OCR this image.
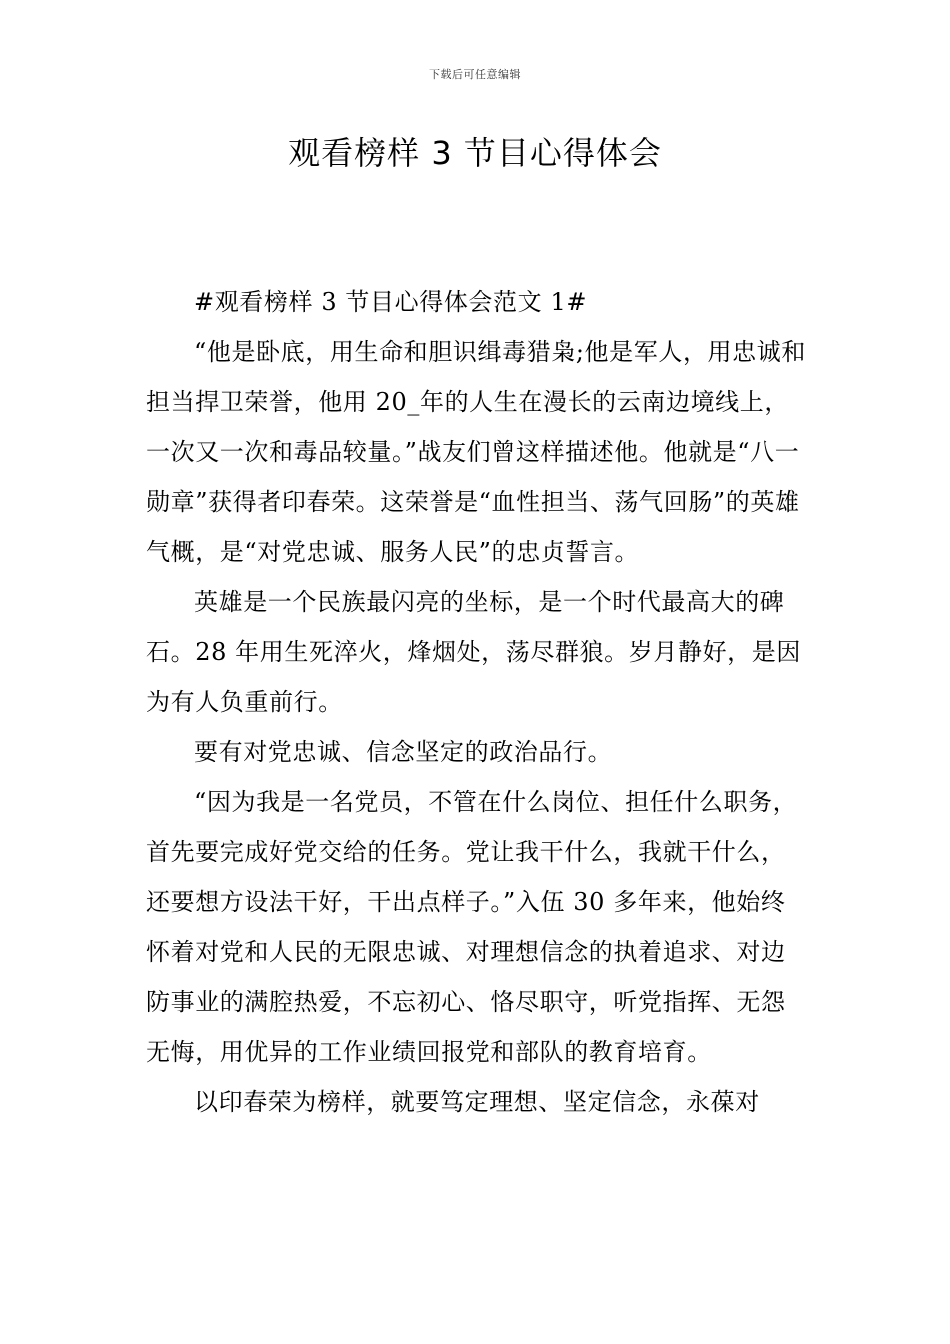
下载后可任意编辑
观看榜样 3 节目心得体会

#观看榜样 3 节目心得体会范文 1#

“他是卧底，用生命和胆识缉毒猎枭;他是军人，用忠诚和担当捍卫荣誉，他用 20_年的人生在漫长的云南边境线上，一次又一次和毒品较量。”战友们曾这样描述他。他就是“八一勋章”获得者印春荣。这荣誉是“血性担当、荡气回肠”的英雄气概，是“对党忠诚、服务人民”的忠贞誓言。

英雄是一个民族最闪亮的坐标，是一个时代最高大的碑石。28 年用生死淬火，烽烟处，荡尽群狼。岁月静好，是因为有人负重前行。

要有对党忠诚、信念坚定的政治品行。

“因为我是一名党员，不管在什么岗位、担任什么职务，首先要完成好党交给的任务。党让我干什么，我就干什么，还要想方设法干好，干出点样子。”入伍 30 多年来，他始终怀着对党和人民的无限忠诚、对理想信念的执着追求、对边防事业的满腔热爱，不忘初心、恪尽职守，听党指挥、无怨无悔，用优异的工作业绩回报党和部队的教育培育。

以印春荣为榜样，就要笃定理想、坚定信念，永葆对
